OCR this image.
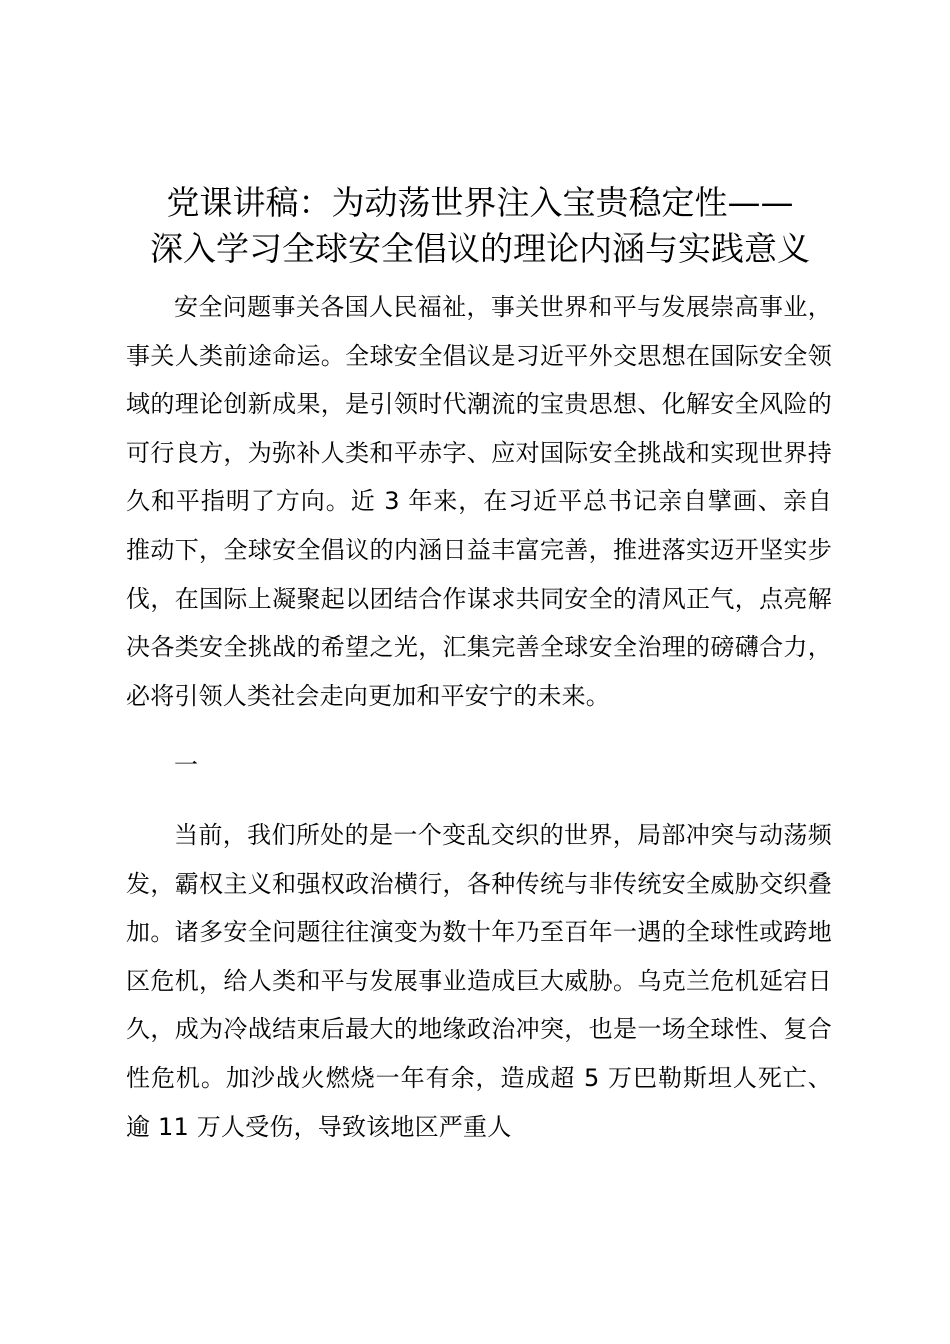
党课讲稿：为动荡世界注入宝贵稳定性——
深入学习全球安全倡议的理论内涵与实践意义

安全问题事关各国人民福祉，事关世界和平与发展崇高事业，事关人类前途命运。全球安全倡议是习近平外交思想在国际安全领域的理论创新成果，是引领时代潮流的宝贵思想、化解安全风险的可行良方，为弥补人类和平赤字、应对国际安全挑战和实现世界持久和平指明了方向。近 3 年来，在习近平总书记亲自擘画、亲自推动下，全球安全倡议的内涵日益丰富完善，推进落实迈开坚实步伐，在国际上凝聚起以团结合作谋求共同安全的清风正气，点亮解决各类安全挑战的希望之光，汇集完善全球安全治理的磅礴合力，必将引领人类社会走向更加和平安宁的未来。

一

当前，我们所处的是一个变乱交织的世界，局部冲突与动荡频发，霸权主义和强权政治横行，各种传统与非传统安全威胁交织叠加。诸多安全问题往往演变为数十年乃至百年一遇的全球性或跨地区危机，给人类和平与发展事业造成巨大威胁。乌克兰危机延宕日久，成为冷战结束后最大的地缘政治冲突，也是一场全球性、复合性危机。加沙战火燃烧一年有余，造成超 5 万巴勒斯坦人死亡、逾 11 万人受伤，导致该地区严重人
